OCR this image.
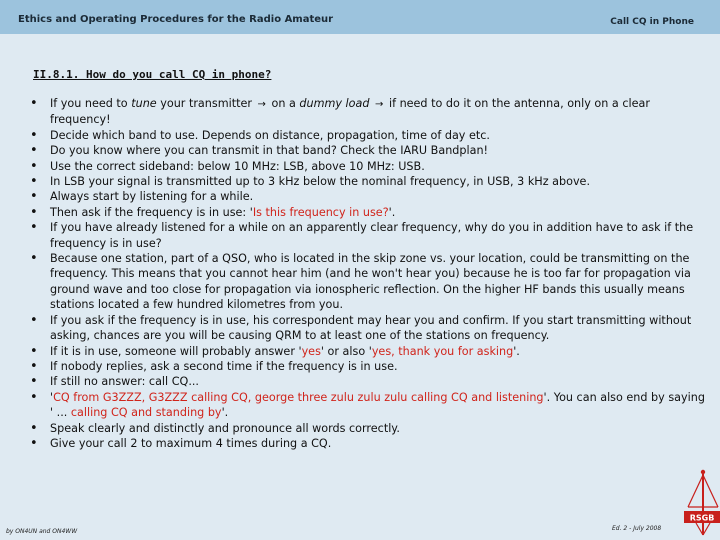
Ethics and Operating Procedures for the Radio Amateur	Call CQ in Phone
II.8.1. How do you call CQ in phone?
• If you need to tune your transmitter → on a dummy load → if need to do it on the antenna, only on a clear frequency!
• Decide which band to use. Depends on distance, propagation, time of day etc.
• Do you know where you can transmit in that band? Check the IARU Bandplan!
• Use the correct sideband: below 10 MHz: LSB, above 10 MHz: USB.
• In LSB your signal is transmitted up to 3 kHz below the nominal frequency, in USB, 3 kHz above.
• Always start by listening for a while.
• Then ask if the frequency is in use: 'Is this frequency in use?'.
• If you have already listened for a while on an apparently clear frequency, why do you in addition have to ask if the frequency is in use?
• Because one station, part of a QSO, who is located in the skip zone vs. your location, could be transmitting on the frequency. This means that you cannot hear him (and he won't hear you) because he is too far for propagation via ground wave and too close for propagation via ionospheric reflection. On the higher HF bands this usually means stations located a few hundred kilometres from you.
• If you ask if the frequency is in use, his correspondent may hear you and confirm. If you start transmitting without asking, chances are you will be causing QRM to at least one of the stations on frequency.
• If it is in use, someone will probably answer 'yes' or also 'yes, thank you for asking'.
• If nobody replies, ask a second time if the frequency is in use.
• If still no answer: call CQ...
• 'CQ from G3ZZZ, G3ZZZ calling CQ, george three zulu zulu zulu calling CQ and listening'. You can also end by saying ' ... calling CQ and standing by'.
• Speak clearly and distinctly and pronounce all words correctly.
• Give your call 2 to maximum 4 times during a CQ.
by ON4UN and ON4WW	Ed. 2 - July 2008
RSGB
